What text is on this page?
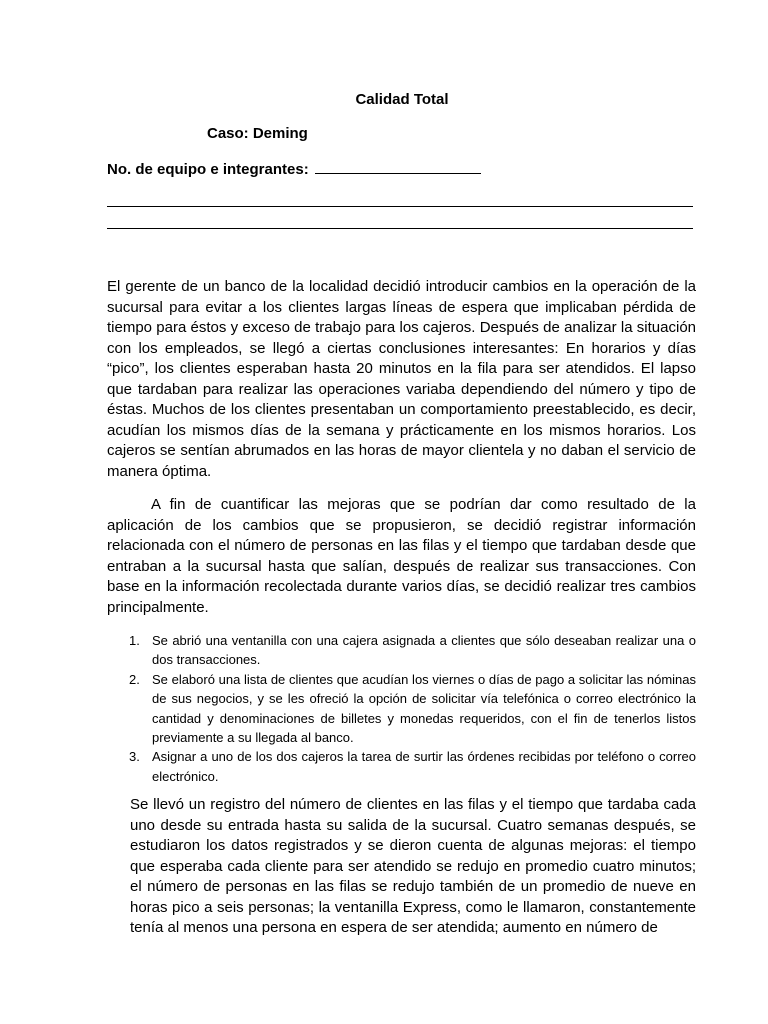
Calidad Total

Caso: Deming

No. de equipo e integrantes:

El gerente de un banco de la localidad decidió introducir cambios en la operación de la sucursal para evitar a los clientes largas líneas de espera que implicaban pérdida de tiempo para éstos y exceso de trabajo para los cajeros. Después de analizar la situación con los empleados, se llegó a ciertas conclusiones interesantes: En horarios y días “pico”, los clientes esperaban hasta 20 minutos en la fila para ser atendidos. El lapso que tardaban para realizar las operaciones variaba dependiendo del número y tipo de éstas. Muchos de los clientes presentaban un comportamiento preestablecido, es decir, acudían los mismos días de la semana y prácticamente en los mismos horarios. Los cajeros se sentían abrumados en las horas de mayor clientela y no daban el servicio de manera óptima.

A fin de cuantificar las mejoras que se podrían dar como resultado de la aplicación de los cambios que se propusieron, se decidió registrar información relacionada con el número de personas en las filas y el tiempo que tardaban desde que entraban a la sucursal hasta que salían, después de realizar sus transacciones. Con base en la información recolectada durante varios días, se decidió realizar tres cambios principalmente.

1. Se abrió una ventanilla con una cajera asignada a clientes que sólo deseaban realizar una o dos transacciones.
2. Se elaboró una lista de clientes que acudían los viernes o días de pago a solicitar las nóminas de sus negocios, y se les ofreció la opción de solicitar vía telefónica o correo electrónico la cantidad y denominaciones de billetes y monedas requeridos, con el fin de tenerlos listos previamente a su llegada al banco.
3. Asignar a uno de los dos cajeros la tarea de surtir las órdenes recibidas por teléfono o correo electrónico.

Se llevó un registro del número de clientes en las filas y el tiempo que tardaba cada uno desde su entrada hasta su salida de la sucursal. Cuatro semanas después, se estudiaron los datos registrados y se dieron cuenta de algunas mejoras: el tiempo que esperaba cada cliente para ser atendido se redujo en promedio cuatro minutos; el número de personas en las filas se redujo también de un promedio de nueve en horas pico a seis personas; la ventanilla Express, como le llamaron, constantemente tenía al menos una persona en espera de ser atendida; aumento en número de
